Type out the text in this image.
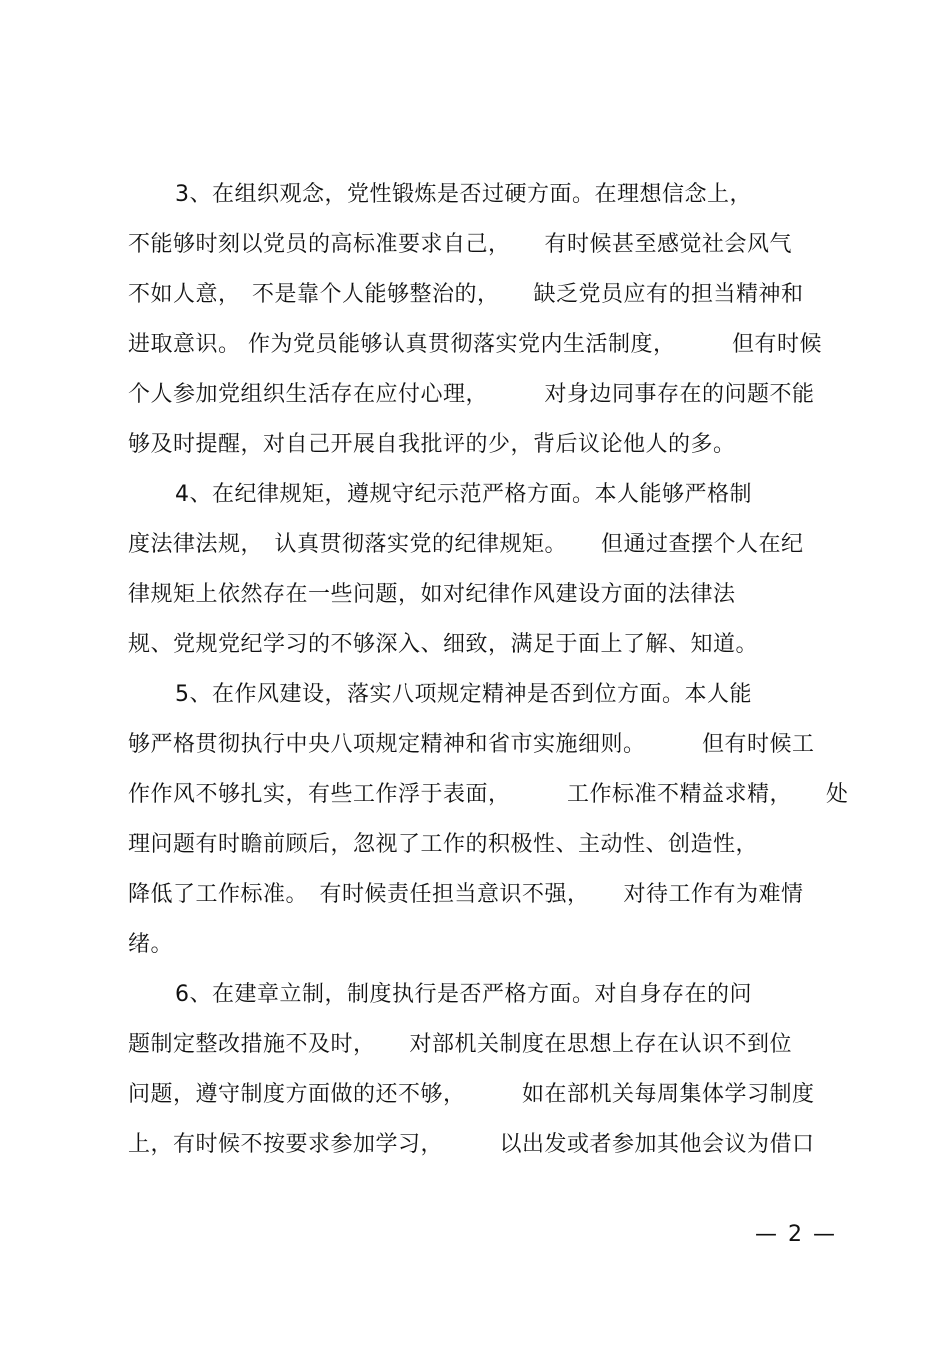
3、在组织观念，党性锻炼是否过硬方面。在理想信念上，
不能够时刻以党员的高标准要求自己，　　有时候甚至感觉社会风气
不如人意，　不是靠个人能够整治的，　　缺乏党员应有的担当精神和
进取意识。 作为党员能够认真贯彻落实党内生活制度，　　　但有时候
个人参加党组织生活存在应付心理，　　　对身边同事存在的问题不能
够及时提醒，对自己开展自我批评的少，背后议论他人的多。
4、在纪律规矩，遵规守纪示范严格方面。本人能够严格制
度法律法规，　认真贯彻落实党的纪律规矩。　　但通过查摆个人在纪
律规矩上依然存在一些问题，如对纪律作风建设方面的法律法
规、党规党纪学习的不够深入、细致，满足于面上了解、知道。
5、在作风建设，落实八项规定精神是否到位方面。本人能
够严格贯彻执行中央八项规定精神和省市实施细则。　　　但有时候工
作作风不够扎实，有些工作浮于表面，　　　工作标准不精益求精，　　处
理问题有时瞻前顾后，忽视了工作的积极性、主动性、创造性，
降低了工作标准。　有时候责任担当意识不强，　　对待工作有为难情
绪。
6、在建章立制，制度执行是否严格方面。对自身存在的问
题制定整改措施不及时，　　对部机关制度在思想上存在认识不到位
问题，遵守制度方面做的还不够，　　　如在部机关每周集体学习制度
上，有时候不按要求参加学习，　　　以出发或者参加其他会议为借口
— 2 —
